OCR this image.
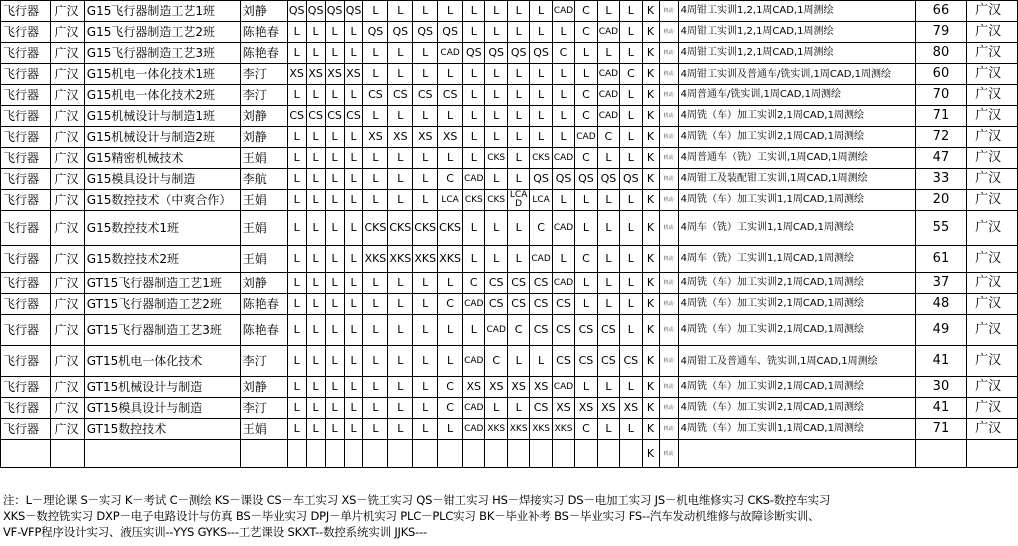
飞行器	广汉	G15飞行器制造工艺1班	刘静	QS	QS	QS	QS	L	L	L	L	L	L	L	L	CAD	C	L	L	K	机动	4周钳工实训1,2,1周CAD,1周测绘	66	广汉
飞行器	广汉	G15飞行器制造工艺2班	陈艳春	L	L	L	L	QS	QS	QS	QS	L	L	L	L	L	C	CAD	L	K	机动	4周钳工实训1,2,1周CAD,1周测绘	79	广汉
飞行器	广汉	G15飞行器制造工艺3班	陈艳春	L	L	L	L	L	L	L	CAD	QS	QS	QS	QS	C	L	L	L	K	机动	4周钳工实训1,2,1周CAD,1周测绘	80	广汉
飞行器	广汉	G15机电一体化技术1班	李汀	XS	XS	XS	XS	L	L	L	L	L	L	L	L	L	L	CAD	C	K	机动	4周钳工实训及普通车/铣实训,1周CAD,1周测绘	60	广汉
飞行器	广汉	G15机电一体化技术2班	李汀	L	L	L	L	CS	CS	CS	CS	L	L	L	L	L	C	CAD	L	K	机动	4周普通车/铣实训,1周CAD,1周测绘	70	广汉
飞行器	广汉	G15机械设计与制造1班	刘静	CS	CS	CS	CS	L	L	L	L	L	L	L	L	L	C	CAD	L	K	机动	4周铣（车）加工实训2,1周CAD,1周测绘	71	广汉
飞行器	广汉	G15机械设计与制造2班	刘静	L	L	L	L	XS	XS	XS	XS	L	L	L	L	L	CAD	C	L	K	机动	4周铣（车）加工实训2,1周CAD,1周测绘	72	广汉
飞行器	广汉	G15精密机械技术	王娟	L	L	L	L	L	L	L	L	L	CKS	L	CKS	CAD	C	L	L	K	机动	4周普通车（铣）工实训,1周CAD,1周测绘	47	广汉
飞行器	广汉	G15模具设计与制造	李航	L	L	L	L	L	L	L	C	CAD	L	L	QS	QS	QS	QS	QS	K	机动	4周钳工及装配钳工实训,1周CAD,1周测绘	33	广汉
飞行器	广汉	G15数控技术（中爽合作）	王娟	L	L	L	L	L	L	L	LCA	CKS	CKS	LCAD	LCA	L	L	L	L	K	机动	4周铣（车）加工实训1,1周CAD,1周测绘	20	广汉
飞行器	广汉	G15数控技术1班	王娟	L	L	L	L	CKS	CKS	CKS	CKS	L	L	L	C	CAD	L	L	L	K	机动	4周车（铣）工实训1,1周CAD,1周测绘	55	广汉
飞行器	广汉	G15数控技术2班	王娟	L	L	L	L	XKS	XKS	XKS	XKS	L	L	L	CAD	L	C	L	L	K	机动	4周车（铣）工实训1,1周CAD,1周测绘	61	广汉
飞行器	广汉	GT15飞行器制造工艺1班	刘静	L	L	L	L	L	L	L	L	C	CS	CS	CS	CAD	L	L	L	K	机动	4周铣（车）加工实训2,1周CAD,1周测绘	37	广汉
飞行器	广汉	GT15飞行器制造工艺2班	陈艳春	L	L	L	L	L	L	L	C	CAD	CS	CS	CS	CS	L	L	L	K	机动	4周铣（车）加工实训2,1周CAD,1周测绘	48	广汉
飞行器	广汉	GT15飞行器制造工艺3班	陈艳春	L	L	L	L	L	L	L	L	L	CAD	C	CS	CS	CS	CS	L	K	机动	4周铣（车）加工实训2,1周CAD,1周测绘	49	广汉
飞行器	广汉	GT15机电一体化技术	李汀	L	L	L	L	L	L	L	L	CAD	C	L	L	CS	CS	CS	CS	K	机动	4周钳工及普通车、铣实训,1周CAD,1周测绘	41	广汉
飞行器	广汉	GT15机械设计与制造	刘静	L	L	L	L	L	L	L	C	XS	XS	XS	XS	CAD	L	L	L	K	机动	4周铣（车）加工实训2,1周CAD,1周测绘	30	广汉
飞行器	广汉	GT15模具设计与制造	李汀	L	L	L	L	L	L	L	C	CAD	L	L	CS	XS	XS	XS	XS	K	机动	4周铣（车）加工实训2,1周CAD,1周测绘	41	广汉
飞行器	广汉	GT15数控技术	王娟	L	L	L	L	L	L	L	L	CAD	XKS	XKS	XKS	XKS	C	L	L	K	机动	4周铣（车）加工实训1,1周CAD,1周测绘	71	广汉
																				K	机动			
注：L－理论课 S－实习 K－考试 C－测绘 KS－课设 CS－车工实习 XS－铣工实习 QS－钳工实习 HS－焊接实习 DS－电加工实习 JS－机电维修实习 CKS-数控车实习
XKS－数控铣实习 DXP－电子电路设计与仿真 BS－毕业实习 DPJ－单片机实习 PLC－PLC实习 BK－毕业补考 BS－毕业实习 FS--汽车发动机维修与故障诊断实训、
VF-VFP程序设计实习、液压实训--YYS GYKS---工艺课设 SKXT--数控系统实训 JJKS---
